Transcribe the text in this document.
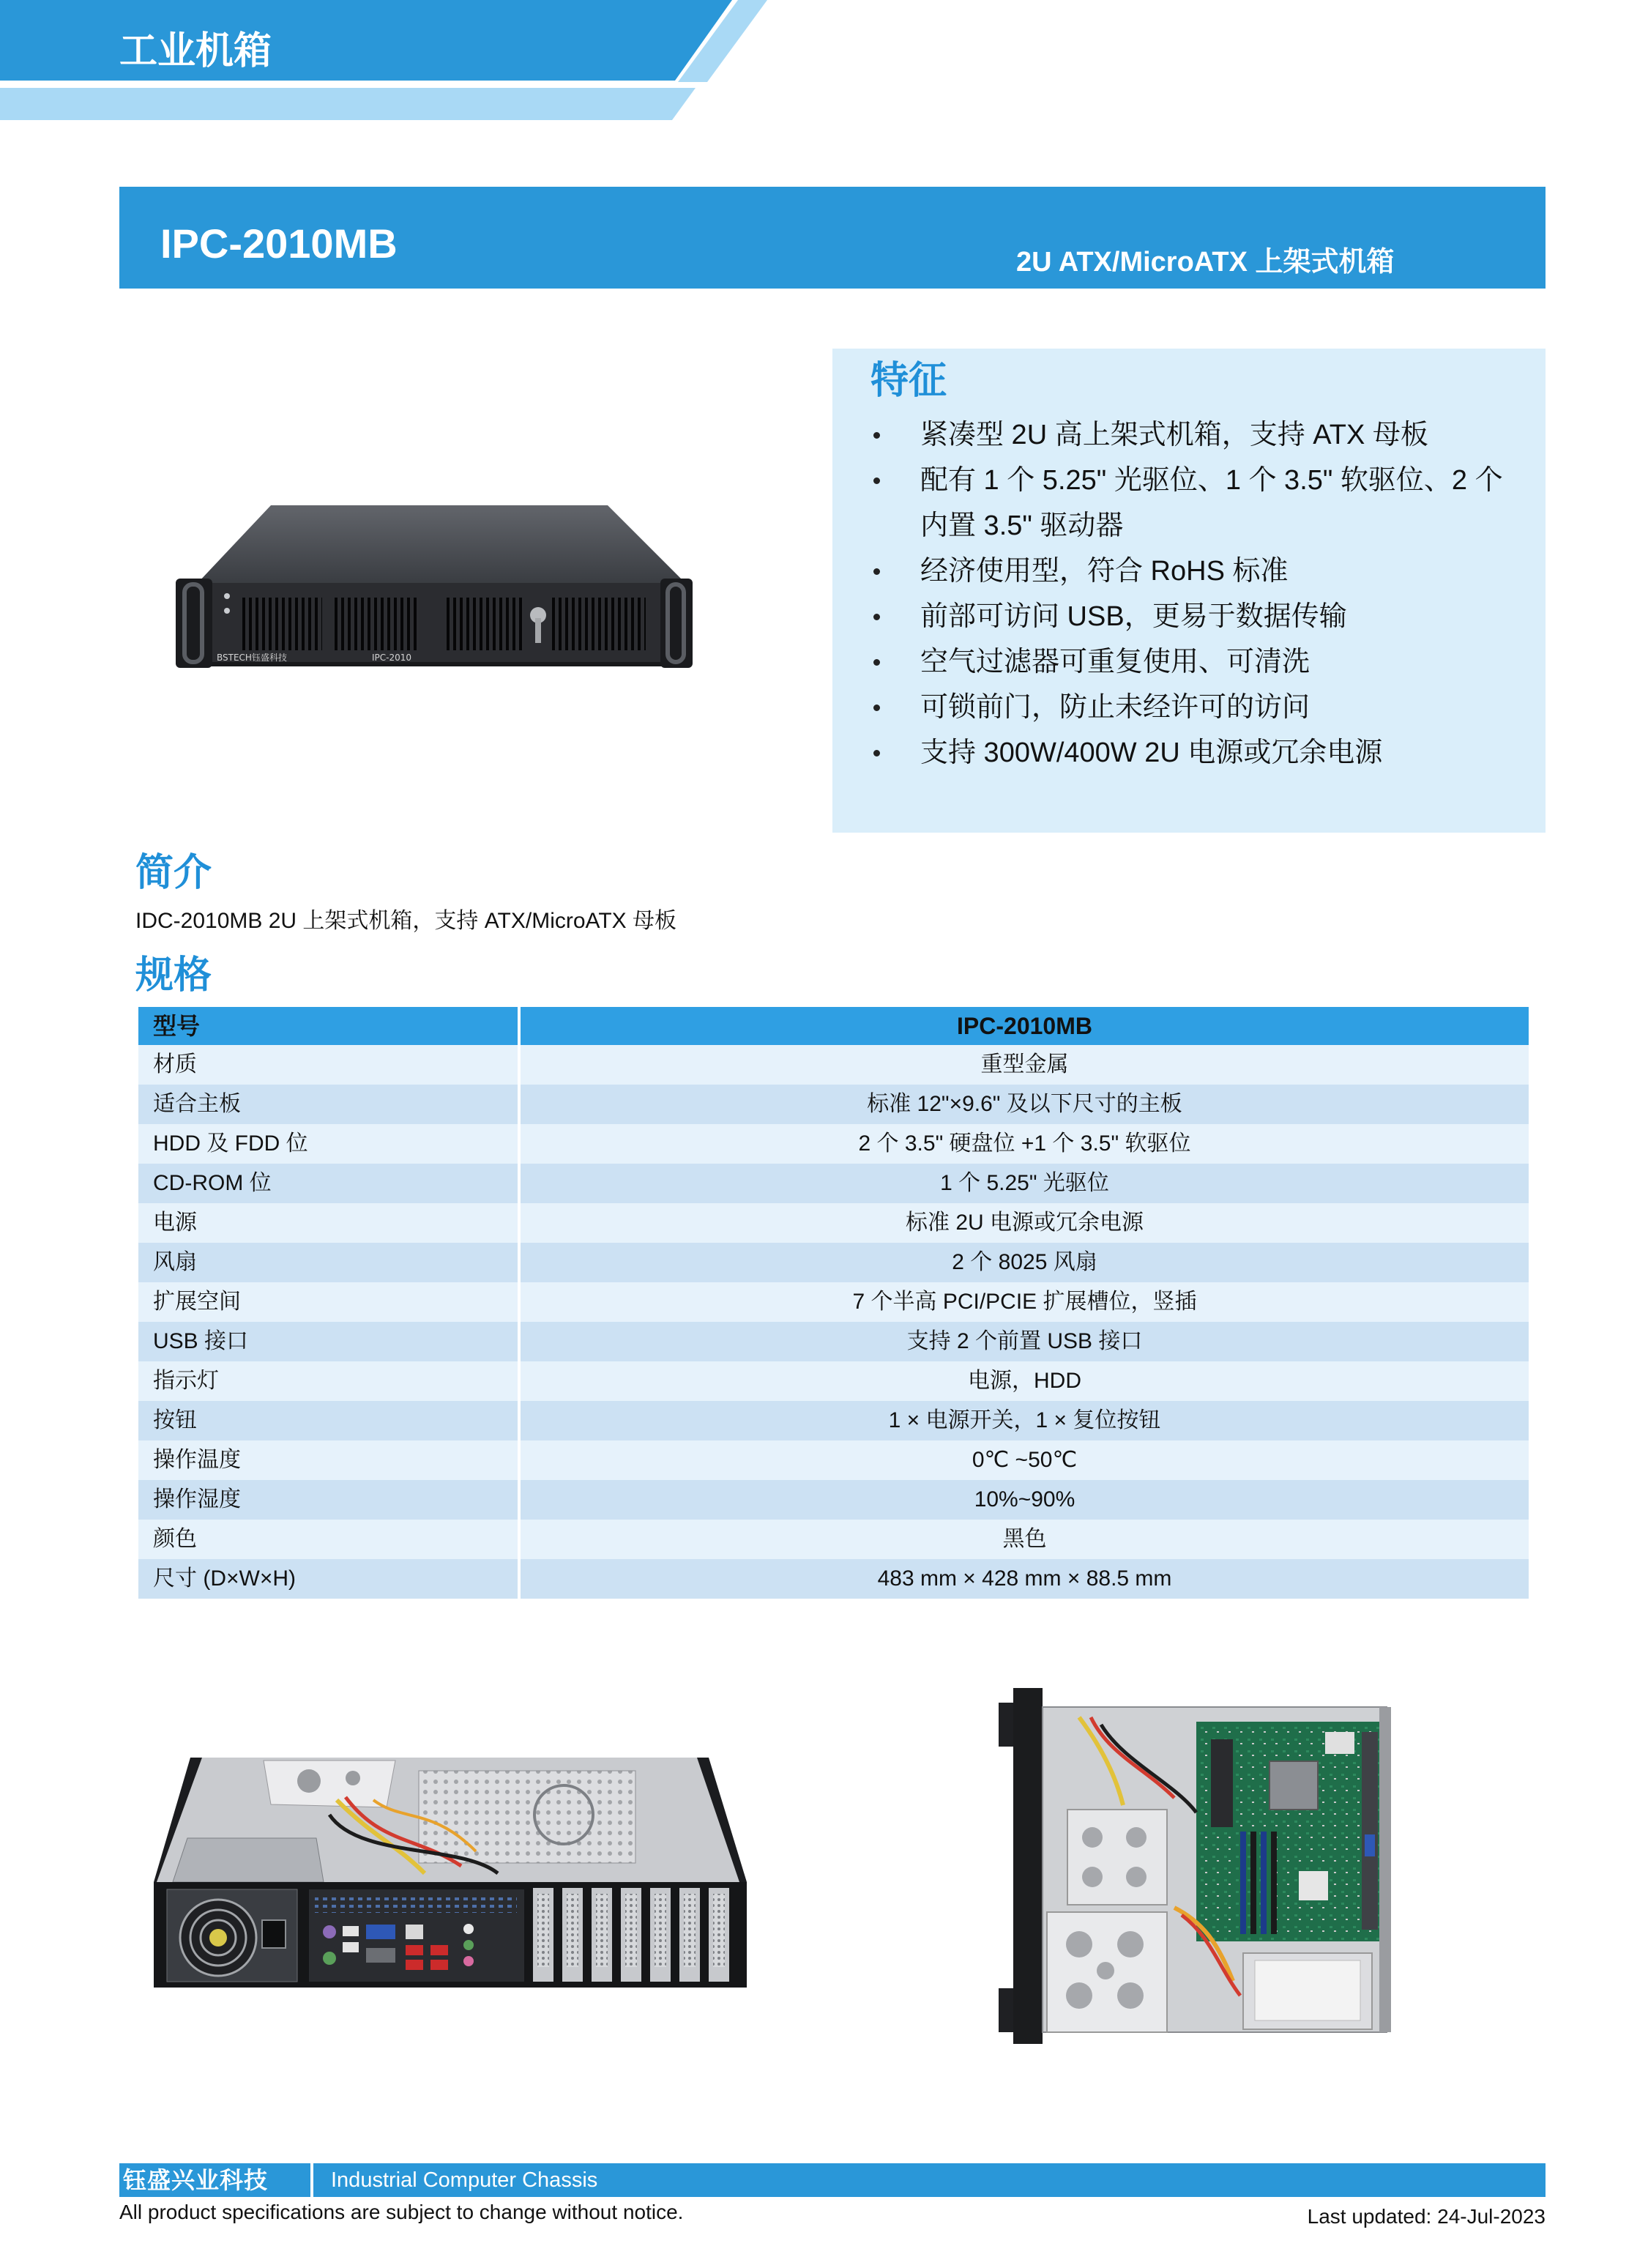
工业机箱
IPC-2010MB	2U ATX/MicroATX 上架式机箱
BSTECH钰盛科技	IPC-2010
特征
紧凑型 2U 高上架式机箱，支持 ATX 母板
配有 1 个 5.25" 光驱位、1 个 3.5" 软驱位、2 个内置 3.5" 驱动器
经济使用型，符合 RoHS 标准
前部可访问 USB，更易于数据传输
空气过滤器可重复使用、可清洗
可锁前门，防止未经许可的访问
支持 300W/400W 2U 电源或冗余电源
简介
IDC-2010MB 2U 上架式机箱，支持 ATX/MicroATX 母板
规格
型号	IPC-2010MB
材质	重型金属
适合主板	标准 12"×9.6" 及以下尺寸的主板
HDD 及 FDD 位	2 个 3.5" 硬盘位 +1 个 3.5" 软驱位
CD-ROM 位	1 个 5.25" 光驱位
电源	标准 2U 电源或冗余电源
风扇	2 个 8025 风扇
扩展空间	7 个半高 PCI/PCIE 扩展槽位，竖插
USB 接口	支持 2 个前置 USB 接口
指示灯	电源，HDD
按钮	1 × 电源开关，1 × 复位按钮
操作温度	0℃ ~50℃
操作湿度	10%~90%
颜色	黑色
尺寸 (D×W×H)	483 mm × 428 mm × 88.5 mm
钰盛兴业科技	Industrial Computer Chassis
All product specifications are subject to change without notice.	Last updated: 24-Jul-2023
